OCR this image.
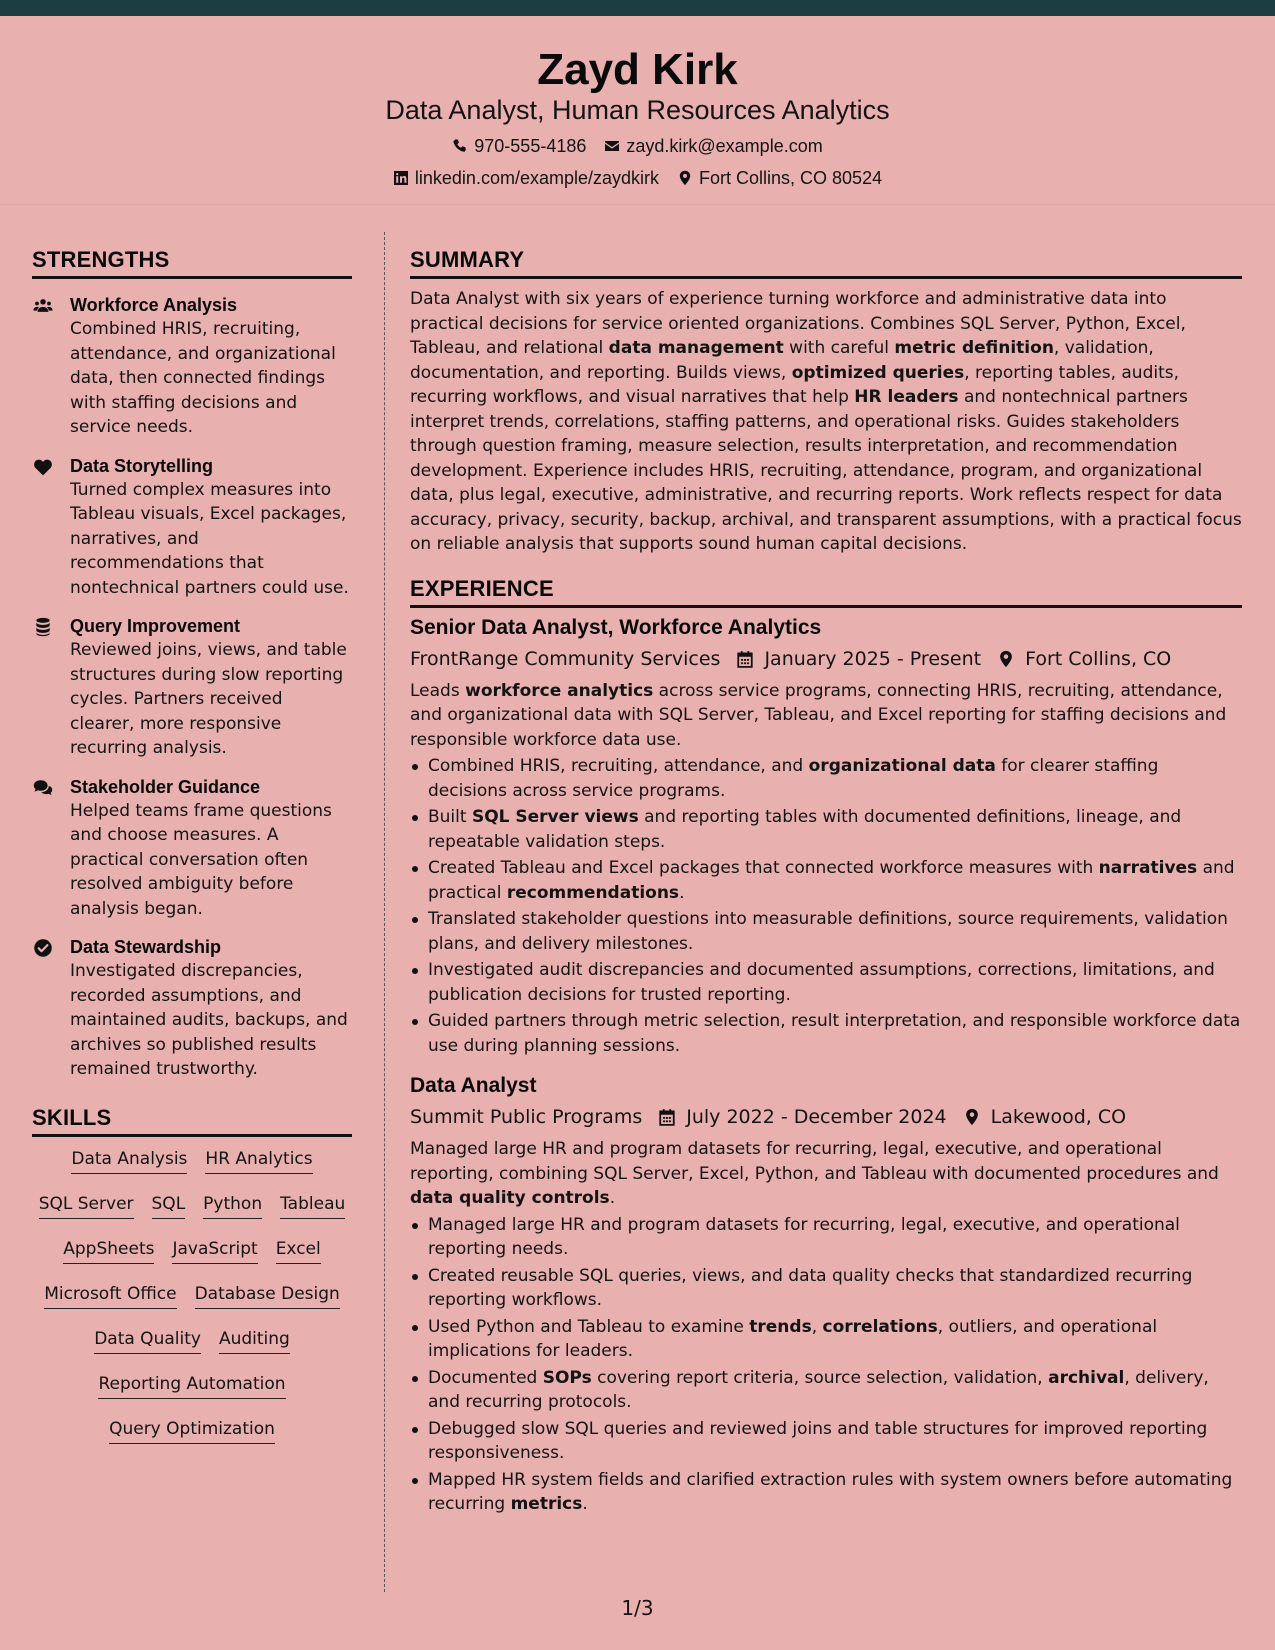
Zayd Kirk
Data Analyst, Human Resources Analytics
970-555-4186 zayd.kirk@example.com
linkedin.com/example/zaydkirk Fort Collins, CO 80524
STRENGTHS
Workforce Analysis
Combined HRIS, recruiting, attendance, and organizational data, then connected findings with staffing decisions and service needs.
Data Storytelling
Turned complex measures into Tableau visuals, Excel packages, narratives, and recommendations that nontechnical partners could use.
Query Improvement
Reviewed joins, views, and table structures during slow reporting cycles. Partners received clearer, more responsive recurring analysis.
Stakeholder Guidance
Helped teams frame questions and choose measures. A practical conversation often resolved ambiguity before analysis began.
Data Stewardship
Investigated discrepancies, recorded assumptions, and maintained audits, backups, and archives so published results remained trustworthy.
SKILLS
Data Analysis HR Analytics
SQL Server SQL Python Tableau
AppSheets JavaScript Excel
Microsoft Office Database Design
Data Quality Auditing
Reporting Automation
Query Optimization
SUMMARY
Data Analyst with six years of experience turning workforce and administrative data into practical decisions for service oriented organizations. Combines SQL Server, Python, Excel, Tableau, and relational data management with careful metric definition, validation, documentation, and reporting. Builds views, optimized queries, reporting tables, audits, recurring workflows, and visual narratives that help HR leaders and nontechnical partners interpret trends, correlations, staffing patterns, and operational risks. Guides stakeholders through question framing, measure selection, results interpretation, and recommendation development. Experience includes HRIS, recruiting, attendance, program, and organizational data, plus legal, executive, administrative, and recurring reports. Work reflects respect for data accuracy, privacy, security, backup, archival, and transparent assumptions, with a practical focus on reliable analysis that supports sound human capital decisions.
EXPERIENCE
Senior Data Analyst, Workforce Analytics
FrontRange Community Services January 2025 - Present Fort Collins, CO
Leads workforce analytics across service programs, connecting HRIS, recruiting, attendance, and organizational data with SQL Server, Tableau, and Excel reporting for staffing decisions and responsible workforce data use.
Combined HRIS, recruiting, attendance, and organizational data for clearer staffing decisions across service programs.
Built SQL Server views and reporting tables with documented definitions, lineage, and repeatable validation steps.
Created Tableau and Excel packages that connected workforce measures with narratives and practical recommendations.
Translated stakeholder questions into measurable definitions, source requirements, validation plans, and delivery milestones.
Investigated audit discrepancies and documented assumptions, corrections, limitations, and publication decisions for trusted reporting.
Guided partners through metric selection, result interpretation, and responsible workforce data use during planning sessions.
Data Analyst
Summit Public Programs July 2022 - December 2024 Lakewood, CO
Managed large HR and program datasets for recurring, legal, executive, and operational reporting, combining SQL Server, Excel, Python, and Tableau with documented procedures and data quality controls.
Managed large HR and program datasets for recurring, legal, executive, and operational reporting needs.
Created reusable SQL queries, views, and data quality checks that standardized recurring reporting workflows.
Used Python and Tableau to examine trends, correlations, outliers, and operational implications for leaders.
Documented SOPs covering report criteria, source selection, validation, archival, delivery, and recurring protocols.
Debugged slow SQL queries and reviewed joins and table structures for improved reporting responsiveness.
Mapped HR system fields and clarified extraction rules with system owners before automating recurring metrics.
1/3
